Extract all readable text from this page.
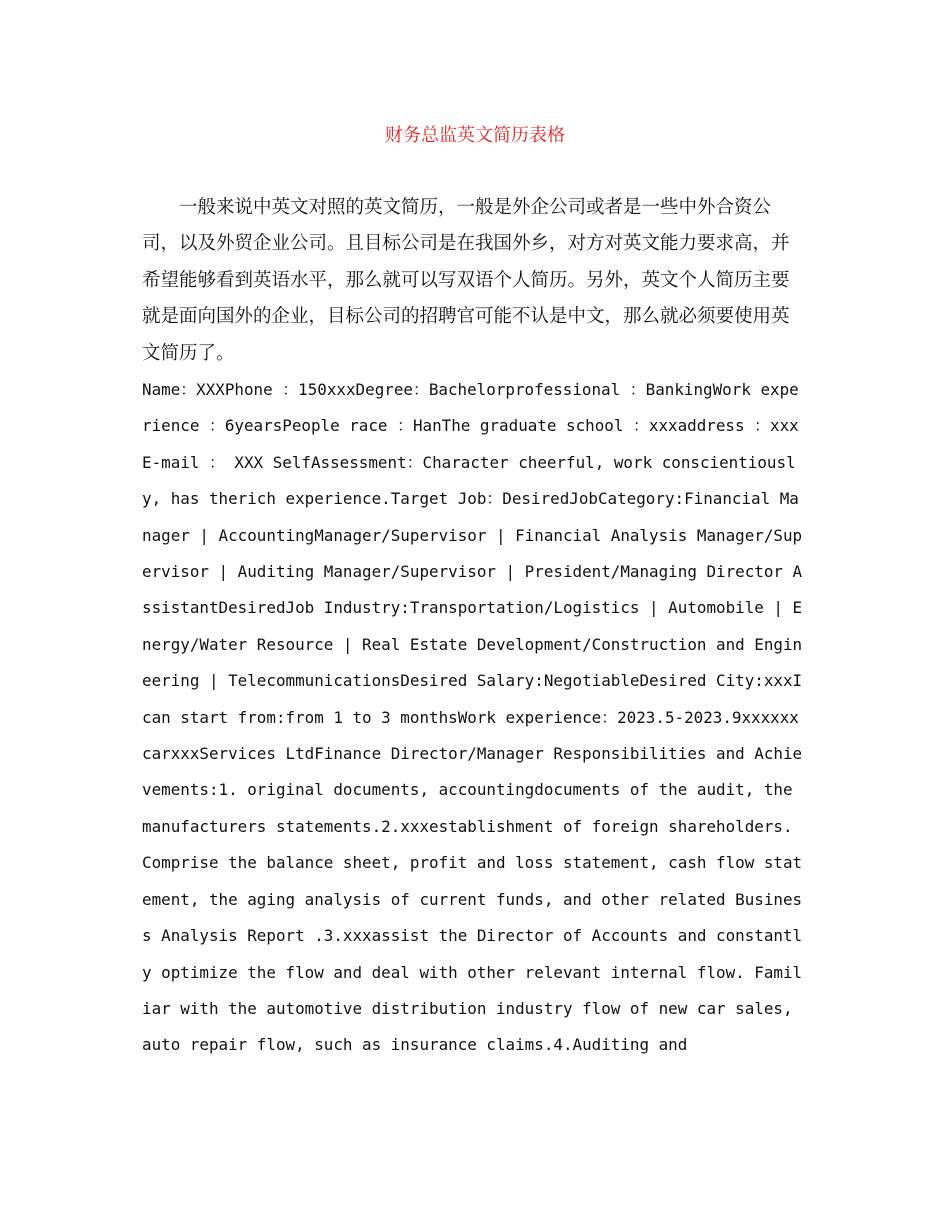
财务总监英文简历表格

一般来说中英文对照的英文简历，一般是外企公司或者是一些中外合资公司，以及外贸企业公司。且目标公司是在我国外乡，对方对英文能力要求高，并希望能够看到英语水平，那么就可以写双语个人简历。另外，英文个人简历主要就是面向国外的企业，目标公司的招聘官可能不认是中文，那么就必须要使用英文简历了。

Name：XXXPhone ：150xxxDegree：Bachelorprofessional ：BankingWork experience ：6yearsPeople race ：HanThe graduate school ：xxxaddress ：xxxE-mail ： XXX SelfAssessment：Character cheerful, work conscientiously, has therich experience.Target Job：DesiredJobCategory:Financial Manager | AccountingManager/Supervisor | Financial Analysis Manager/Supervisor | Auditing Manager/Supervisor | President/Managing Director AssistantDesiredJob Industry:Transportation/Logistics | Automobile | Energy/Water Resource | Real Estate Development/Construction and Engineering | TelecommunicationsDesired Salary:NegotiableDesired City:xxxI can start from:from 1 to 3 monthsWork experience：2023.5-2023.9xxxxxxcarxxxServices LtdFinance Director/Manager Responsibilities and Achievements:1. original documents, accountingdocuments of the audit, the manufacturers statements.2.xxxestablishment of foreign shareholders. Comprise the balance sheet, profit and loss statement, cash flow statement, the aging analysis of current funds, and other related Business Analysis Report .3.xxxassist the Director of Accounts and constantly optimize the flow and deal with other relevant internal flow. Familiar with the automotive distribution industry flow of new car sales, auto repair flow, such as insurance claims.4.Auditing and
